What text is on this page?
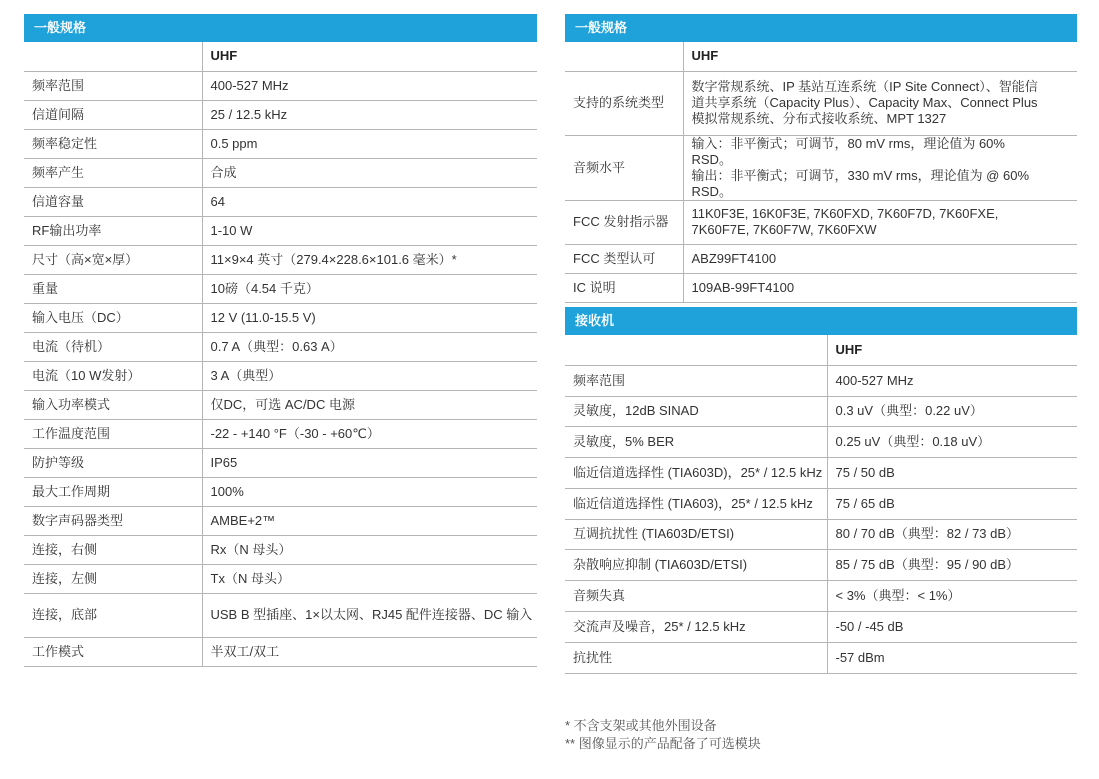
一般规格
	UHF
频率范围	400-527 MHz
信道间隔	25 / 12.5 kHz
频率稳定性	0.5 ppm
频率产生	合成
信道容量	64
RF输出功率	1-10 W
尺寸（高×宽×厚）	11×9×4 英寸（279.4×228.6×101.6 毫米）*
重量	10磅（4.54 千克）
输入电压（DC）	12 V (11.0-15.5 V)
电流（待机）	0.7 A（典型：0.63 A）
电流（10 W发射）	3 A（典型）
输入功率模式	仅DC，可选 AC/DC 电源
工作温度范围	-22 - +140 °F（-30 - +60℃）
防护等级	IP65
最大工作周期	100%
数字声码器类型	AMBE+2™
连接，右侧	Rx（N 母头）
连接，左侧	Tx（N 母头）
连接，底部	USB B 型插座、1×以太网、RJ45 配件连接器、DC 输入
工作模式	半双工/双工
一般规格
	UHF
支持的系统类型	数字常规系统、IP 基站互连系统（IP Site Connect）、智能信道共享系统（Capacity Plus）、Capacity Max、Connect Plus 模拟常规系统、分布式接收系统、MPT 1327
音频水平	输入：非平衡式；可调节，80 mV rms，理论值为 60% RSD。
输出：非平衡式；可调节，330 mV rms，理论值为 @ 60% RSD。
FCC 发射指示器	11K0F3E, 16K0F3E, 7K60FXD, 7K60F7D, 7K60FXE, 7K60F7E, 7K60F7W, 7K60FXW
FCC 类型认可	ABZ99FT4100
IC 说明	109AB-99FT4100
接收机
	UHF
频率范围	400-527 MHz
灵敏度，12dB SINAD	0.3 uV（典型：0.22 uV）
灵敏度，5% BER	0.25 uV（典型：0.18 uV）
临近信道选择性 (TIA603D)，25* / 12.5 kHz	75 / 50 dB
临近信道选择性 (TIA603)，25* / 12.5 kHz	75 / 65 dB
互调抗扰性 (TIA603D/ETSI)	80 / 70 dB（典型：82 / 73 dB）
杂散响应抑制 (TIA603D/ETSI)	85 / 75 dB（典型：95 / 90 dB）
音频失真	< 3%（典型：< 1%）
交流声及噪音，25* / 12.5 kHz	-50 / -45 dB
抗扰性	-57 dBm
* 不含支架或其他外围设备
** 图像显示的产品配备了可选模块
